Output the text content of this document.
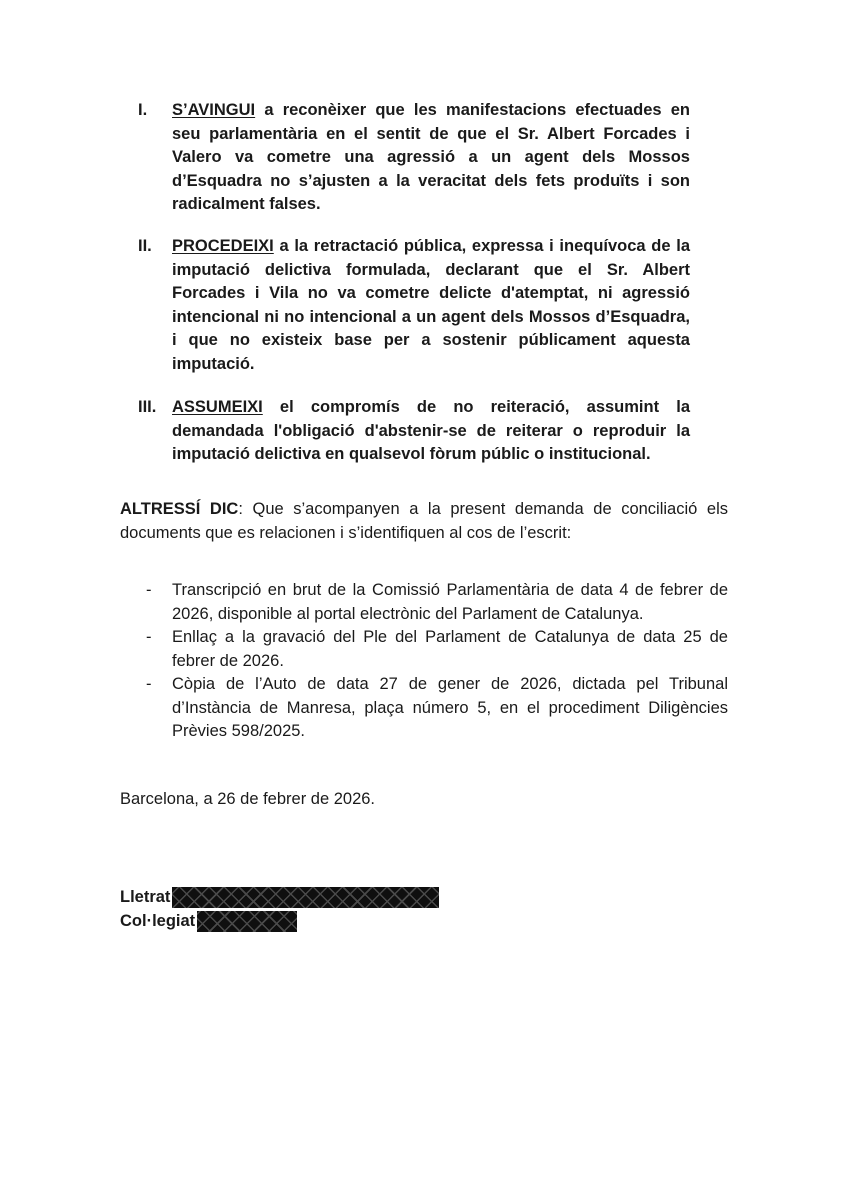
I. S’AVINGUI a reconèixer que les manifestacions efectuades en seu parlamentària en el sentit de que el Sr. Albert Forcades i Valero va cometre una agressió a un agent dels Mossos d’Esquadra no s’ajusten a la veracitat dels fets produïts i son radicalment falses.
II. PROCEDEIXI a la retractació pública, expressa i inequívoca de la imputació delictiva formulada, declarant que el Sr. Albert Forcades i Vila no va cometre delicte d'atemptat, ni agressió intencional ni no intencional a un agent dels Mossos d’Esquadra, i que no existeix base per a sostenir públicament aquesta imputació.
III. ASSUMEIXI el compromís de no reiteració, assumint la demandada l'obligació d'abstenir-se de reiterar o reproduir la imputació delictiva en qualsevol fòrum públic o institucional.
ALTRESSÍ DIC: Que s’acompanyen a la present demanda de conciliació els documents que es relacionen i s’identifiquen al cos de l’escrit:
- Transcripció en brut de la Comissió Parlamentària de data 4 de febrer de 2026, disponible al portal electrònic del Parlament de Catalunya.
- Enllaç a la gravació del Ple del Parlament de Catalunya de data 25 de febrer de 2026.
- Còpia de l’Auto de data 27 de gener de 2026, dictada pel Tribunal d’Instància de Manresa, plaça número 5, en el procediment Diligències Prèvies 598/2025.
Barcelona, a 26 de febrer de 2026.
Lletrat
Col·legiat
